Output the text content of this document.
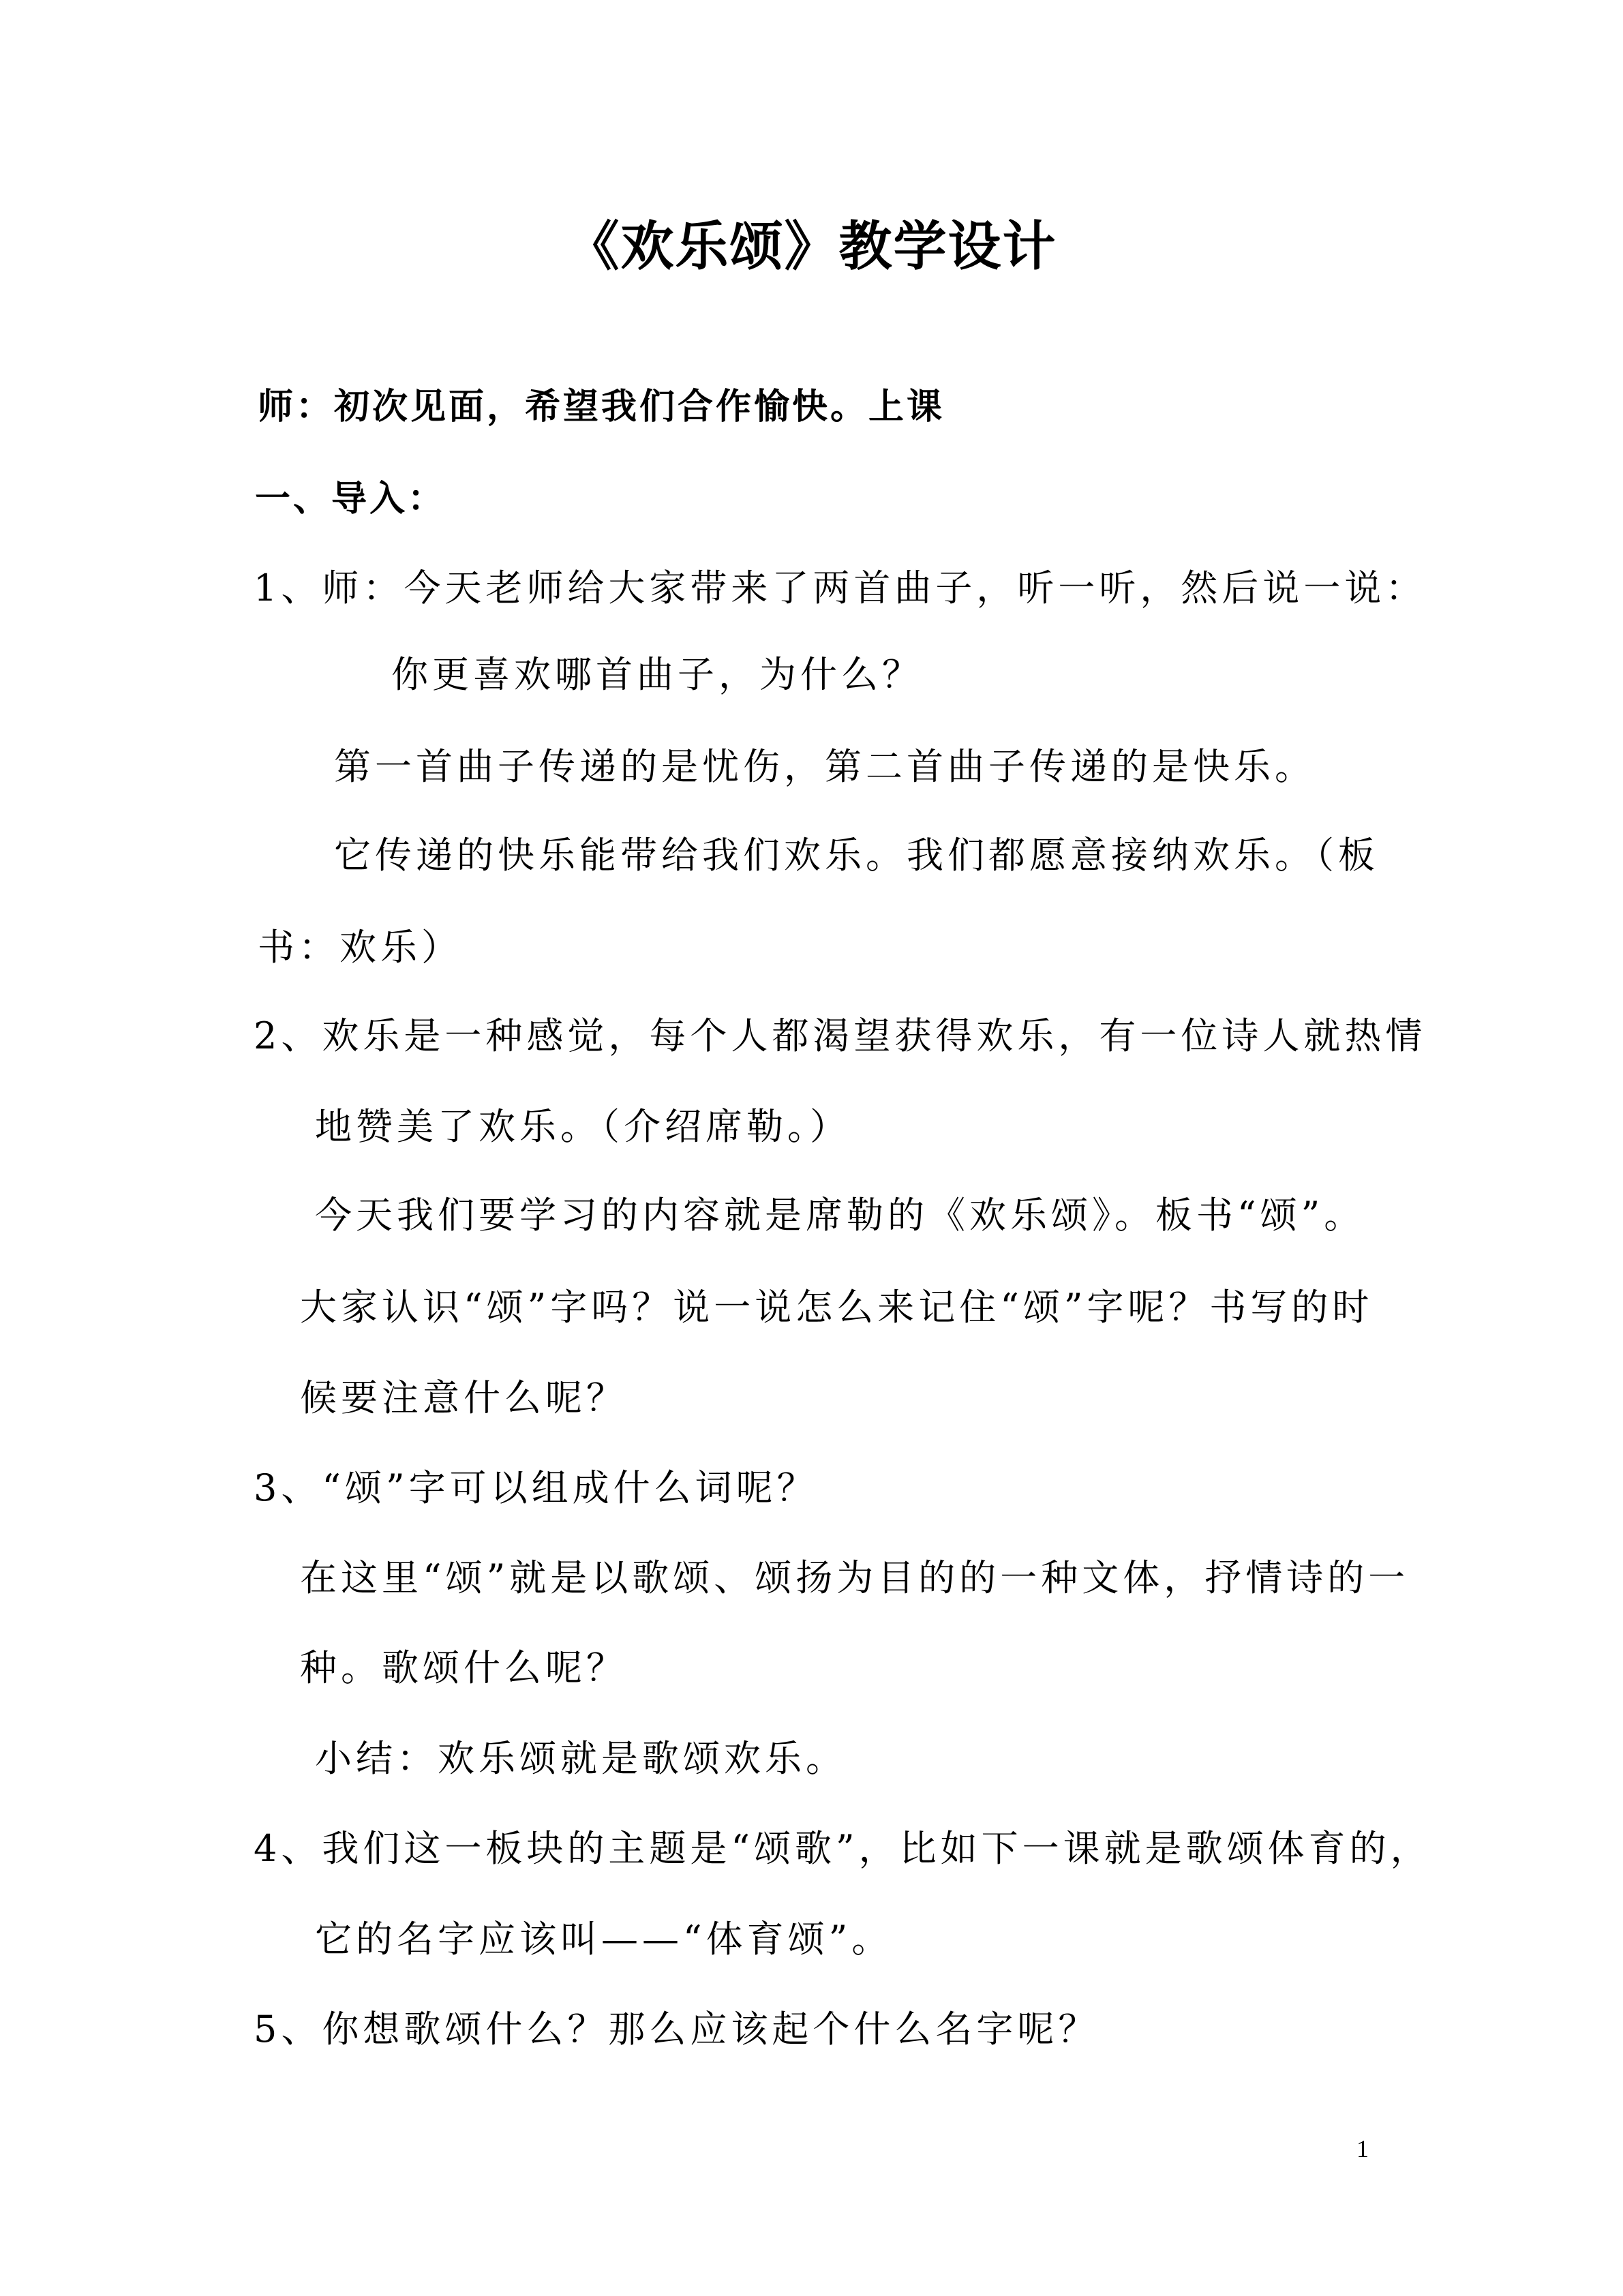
《欢乐颂》教学设计
师：初次见面，希望我们合作愉快。上课
一、导入：
1、师：今天老师给大家带来了两首曲子，听一听，然后说一说：
你更喜欢哪首曲子，为什么？
第一首曲子传递的是忧伤，第二首曲子传递的是快乐。
它传递的快乐能带给我们欢乐。我们都愿意接纳欢乐。（板
书：欢乐）
2、欢乐是一种感觉，每个人都渴望获得欢乐，有一位诗人就热情
地赞美了欢乐。（介绍席勒。）
今天我们要学习的内容就是席勒的《欢乐颂》。板书“颂”。
大家认识“颂”字吗？说一说怎么来记住“颂”字呢？书写的时
候要注意什么呢？
3、“颂”字可以组成什么词呢？
在这里“颂”就是以歌颂、颂扬为目的的一种文体，抒情诗的一
种。歌颂什么呢？
小结：欢乐颂就是歌颂欢乐。
4、我们这一板块的主题是“颂歌”，比如下一课就是歌颂体育的，
它的名字应该叫——“体育颂”。
5、你想歌颂什么？那么应该起个什么名字呢？
1
